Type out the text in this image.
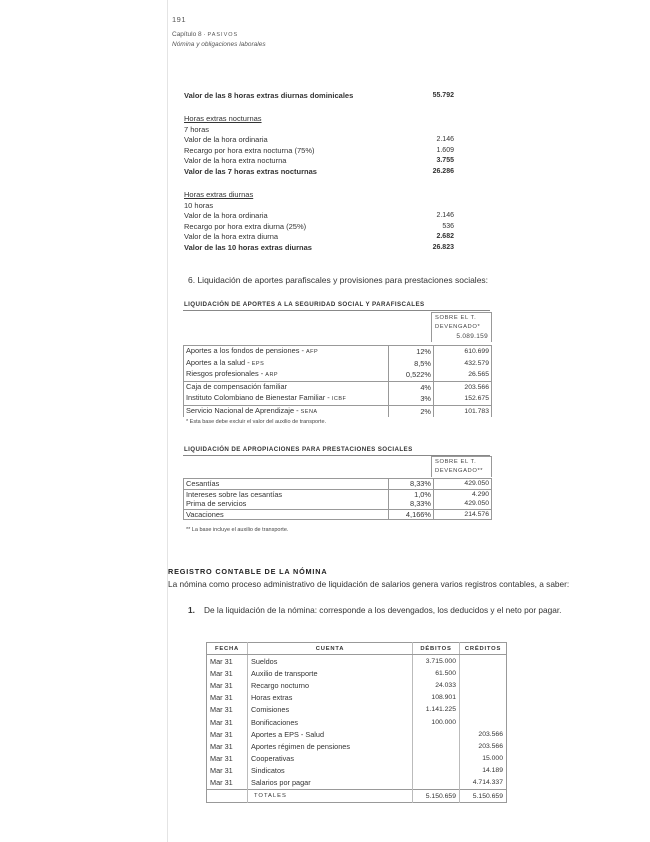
191
Capítulo 8 · PASIVOS
Nómina y obligaciones laborales
Valor de las 8 horas extras diurnas dominicales	55.792
Horas extras nocturnas
7 horas
Valor de la hora ordinaria	2.146
Recargo por hora extra nocturna (75%)	1.609
Valor de la hora extra nocturna	3.755
Valor de las 7 horas extras nocturnas	26.286
Horas extras diurnas
10 horas
Valor de la hora ordinaria	2.146
Recargo por hora extra diurna (25%)	536
Valor de la hora extra diurna	2.682
Valor de las 10 horas extras diurnas	26.823
6. Liquidación de aportes parafiscales y provisiones para prestaciones sociales:
LIQUIDACIÓN DE APORTES A LA SEGURIDAD SOCIAL Y PARAFISCALES
SOBRE EL T.
DEVENGADO*
5.089.159
Aportes a los fondos de pensiones - AFP	12%	610.699
Aportes a la salud - EPS	8,5%	432.579
Riesgos profesionales - ARP	0,522%	26.565
Caja de compensación familiar	4%	203.566
Instituto Colombiano de Bienestar Familiar - ICBF	3%	152.675
Servicio Nacional de Aprendizaje - SENA	2%	101.783
* Esta base debe excluir el valor del auxilio de transporte.
LIQUIDACIÓN DE APROPIACIONES PARA PRESTACIONES SOCIALES
SOBRE EL T.
DEVENGADO**
Cesantías	8,33%	429.050
Intereses sobre las cesantías	1,0%	4.290
Prima de servicios	8,33%	429.050
Vacaciones	4,166%	214.576
** La base incluye el auxilio de transporte.
REGISTRO CONTABLE DE LA NÓMINA
La nómina como proceso administrativo de liquidación de salarios genera varios registros contables, a saber:
1. De la liquidación de la nómina: corresponde a los devengados, los deducidos y el neto por pagar.
FECHA	CUENTA	DÉBITOS	CRÉDITOS
Mar 31	Sueldos	3.715.000	
Mar 31	Auxilio de transporte	61.500	
Mar 31	Recargo nocturno	24.033	
Mar 31	Horas extras	108.901	
Mar 31	Comisiones	1.141.225	
Mar 31	Bonificaciones	100.000	
Mar 31	Aportes a EPS - Salud		203.566
Mar 31	Aportes régimen de pensiones		203.566
Mar 31	Cooperativas		15.000
Mar 31	Sindicatos		14.189
Mar 31	Salarios por pagar		4.714.337
	TOTALES	5.150.659	5.150.659
